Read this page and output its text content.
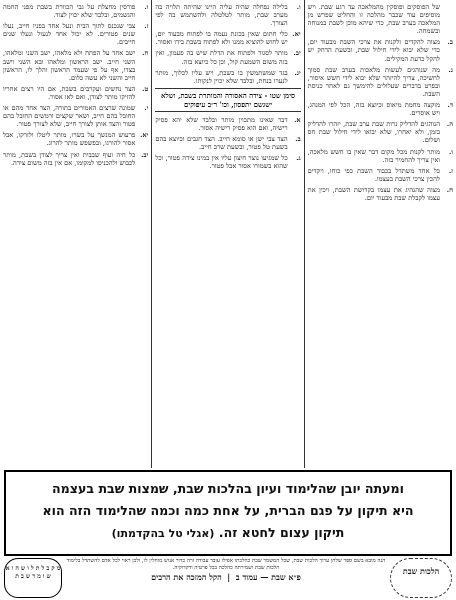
של הפוסקים ופוסקין מהמלאכה עד רגע שבת. ויש מוסיפים עוד שכבר מהלכה זו והחליט שפרש מן המלאכה בערב שבת, כדי שיהא מוכן לשבת במנוחה ובשמחה.
ב.
מצוה להקדים ולקנות את צרכי השבת מבעוד יום, כדי שלא יבוא לידי חילול שבת, ובשעת הדחק יש להקל כדעת המקילים.
ג.
מה שנוהגים לעשות מלאכות בערב שבת סמוך לחשיכה, צריך להיזהר שלא יבוא לידי חשש איסור, ובפרט בדברים שעלולים להימשך גם לאחר כניסת השבת.
ד.
מוקצה מחמת מיאוס וכיוצא בזה, הכל לפי המנהג, ויש אוסרים.
ה.
הנוהגים להדליק נרות שבת ערב שבת, יזהרו להדליק בזמן, ולא יאחרו, שלא יבואו לידי חילול שבת חס ושלום.
ו.
מותר לקנות מכל מקום דבר שאין בו חשש מלאכה, ואין צריך להחמיר בזה.
ז.
כל אחד משתדל בכבוד השבת כפי כוחו, ויקדים להכין צרכי השבת בעצמו.
ח.
מצוה שהנהיג את עצמו בקדושת השבת, ויכין את עצמו לקבלת שבת מבעוד יום.
ו.
בלילה נפחלה שהיה עליה היינו שהיתה תלויה בה מערב שבת, מותר לטלטלה ולהשתמש בה לפי הצורך.
יא.
כלי חתום שאין בכונת נעמה בו לפתוח מבעוד יום, יש לחוש להוציא ממנו ולא לפתוח בשבת בידו ואסור.
יב.
מותר לסגור ולפתוח את הדלת שיש בה פעמון, ואין בזה משום השמעת קול, וכן כל כיוצא בזה.
יג.
בגד שמשתמשין בו בשבת, ויש עליו לכלוך, מותר לנערו בנחת, ובלבד שלא יכוין לנקותו.
סימן שטו - צידה האסורה והמותרת בשבת, ושלא ישגשם יתפסון, וכו' ר״ב עיפוקים
א.
דבר שאינו מתכוין מותר ובלבד שלא יהא פסיק רישיה, ואם הוא פסיק רישיה אסור.
ב.
הצד צבי ישן או סומא חייב. הצד חגבים וכיוצא בהם בשעת טל פטור, ובשעת שרב חייב.
ג.
כל שמגיעו נוצר חיצון עליו אין במינו צידה פטור, וכל שהוא בשמורו אסור אבל פטור.
ו.
פורסין מחצלת על גבי הכוורת בשבת מפני החמה והגשמים, ובלבד שלא יכוין לצוד.
ז.
צבי שנכנס לתוך הבית ונעל אחד בפניו חייב, נעלו שנים פטורים. לא יכול אחד לנעול ונעלו שנים חייבים.
ח.
ישב אחד על הפתח ולא מלאהו, ישב השני ומלאהו, השני חייב. ישב הראשון ומלאהו ובא השני וישב בצדו, אף על פי שעמד הראשון והלך לו, הראשון חייב והשני לא עשה כלום.
ט.
הצד נחשים ועקרבים בשבת, אם היו רצים אחריו להזיקו מותר לצודן, ואם לאו אסור.
י.
שמונה שרצים האמורים בתורה, הצד אחד מהם או החובל בהם חייב, ושאר שקצים ורמשים החובל בהם פטור והצד אותן לצורך חייב, שלא לצורך פטור.
יא.
פרעוש המנשך על בשרו, מותר ליטלו ולזרקו, אבל אסור להורגו, ובפשפש מותר להרוג.
יב.
כל חיה ועוף שבבית ואין צריך לצודן בשבת, מותר לכבוש ולהכניסו למקומו, אם אין בזה משום צידה.
ומעתה יובן שהלימוד ועיון בהלכות שבת, שמצות שבת בעצמה
היא תיקון על פגם הברית, על אחת כמה וכמה שהלימוד הזה הוא
תיקון עצום לחטא זה. (אגלי טל בהקדמתו)
הלכות שבת
הנה מובא בשם ספר שלחן ערוך הלכות שבת, שכל המשמר שבת כהלכתו אפילו עובד עבודה זרה כדור אנוש מוחלין לו, ולכן ראוי לכל אדם להשתדל בלימוד הלכות שבת ושמירתה כהלכה בכל פרטיה ודקדוקיה.
פ״א שבת — עמוד ב  |  הקל המזכה את הרבים
מ ק ב ל ת ל ו ש ה ו א ש ו מ ר ש ב ת
